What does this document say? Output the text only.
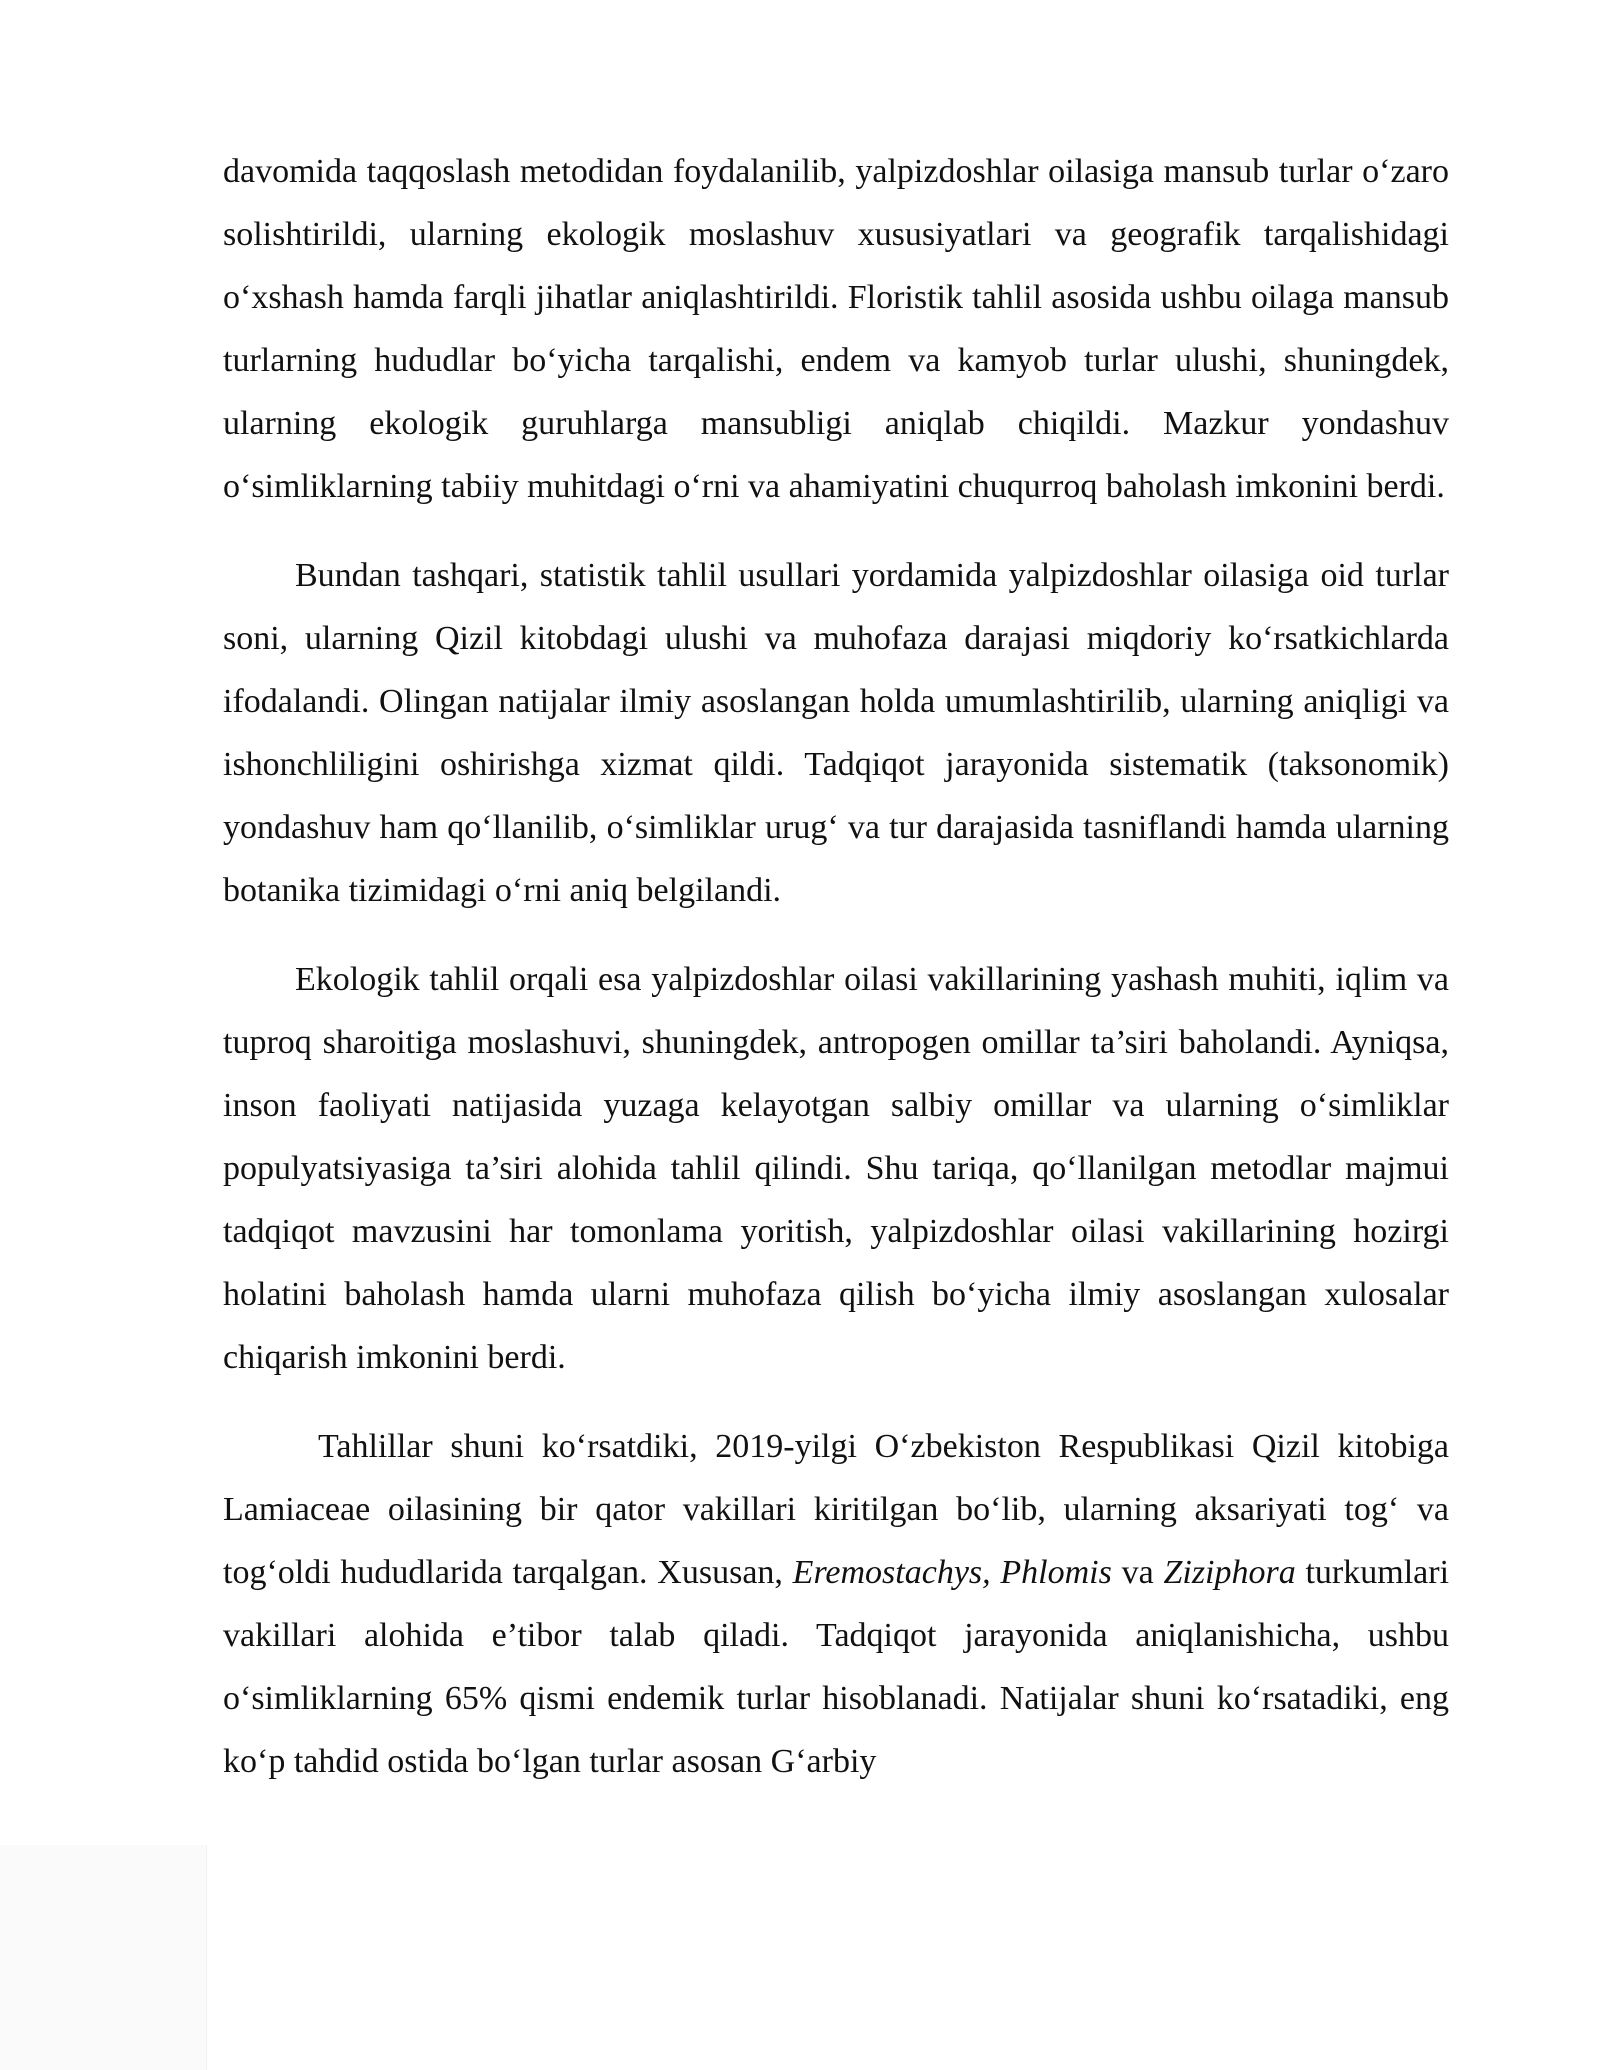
davomida taqqoslash metodidan foydalanilib, yalpizdoshlar oilasiga mansub turlar oʻzaro solishtirildi, ularning ekologik moslashuv xususiyatlari va geografik tarqalishidagi oʻxshash hamda farqli jihatlar aniqlashtirildi. Floristik tahlil asosida ushbu oilaga mansub turlarning hududlar boʻyicha tarqalishi, endem va kamyob turlar ulushi, shuningdek, ularning ekologik guruhlarga mansubligi aniqlab chiqildi. Mazkur yondashuv oʻsimliklarning tabiiy muhitdagi oʻrni va ahamiyatini chuqurroq baholash imkonini berdi.

Bundan tashqari, statistik tahlil usullari yordamida yalpizdoshlar oilasiga oid turlar soni, ularning Qizil kitobdagi ulushi va muhofaza darajasi miqdoriy koʻrsatkichlarda ifodalandi. Olingan natijalar ilmiy asoslangan holda umumlashtirilib, ularning aniqligi va ishonchliligini oshirishga xizmat qildi. Tadqiqot jarayonida sistematik (taksonomik) yondashuv ham qoʻllanilib, oʻsimliklar urugʻ va tur darajasida tasniflandi hamda ularning botanika tizimidagi oʻrni aniq belgilandi.

Ekologik tahlil orqali esa yalpizdoshlar oilasi vakillarining yashash muhiti, iqlim va tuproq sharoitiga moslashuvi, shuningdek, antropogen omillar ta’siri baholandi. Ayniqsa, inson faoliyati natijasida yuzaga kelayotgan salbiy omillar va ularning oʻsimliklar populyatsiyasiga ta’siri alohida tahlil qilindi. Shu tariqa, qoʻllanilgan metodlar majmui tadqiqot mavzusini har tomonlama yoritish, yalpizdoshlar oilasi vakillarining hozirgi holatini baholash hamda ularni muhofaza qilish boʻyicha ilmiy asoslangan xulosalar chiqarish imkonini berdi.

Tahlillar shuni koʻrsatdiki, 2019-yilgi Oʻzbekiston Respublikasi Qizil kitobiga Lamiaceae oilasining bir qator vakillari kiritilgan boʻlib, ularning aksariyati togʻ va togʻoldi hududlarida tarqalgan. Xususan, Eremostachys, Phlomis va Ziziphora turkumlari vakillari alohida e’tibor talab qiladi. Tadqiqot jarayonida aniqlanishicha, ushbu oʻsimliklarning 65% qismi endemik turlar hisoblanadi. Natijalar shuni koʻrsatadiki, eng koʻp tahdid ostida boʻlgan turlar asosan Gʻarbiy
